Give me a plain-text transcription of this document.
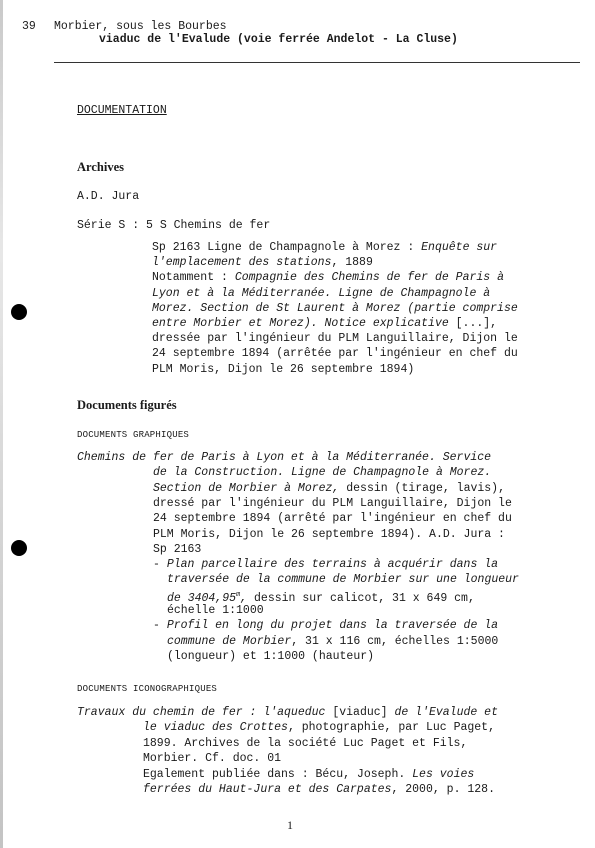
39 Morbier, sous les Bourbes
viaduc de l'Evalude (voie ferrée Andelot - La Cluse)
DOCUMENTATION
Archives
A.D. Jura
Série S : 5 S Chemins de fer
Sp 2163 Ligne de Champagnole à Morez : Enquête sur
l'emplacement des stations, 1889
Notamment : Compagnie des Chemins de fer de Paris à
Lyon et à la Méditerranée. Ligne de Champagnole à
Morez. Section de St Laurent à Morez (partie comprise
entre Morbier et Morez). Notice explicative [...],
dressée par l'ingénieur du PLM Languillaire, Dijon le
24 septembre 1894 (arrêtée par l'ingénieur en chef du
PLM Moris, Dijon le 26 septembre 1894)
Documents figurés
DOCUMENTS GRAPHIQUES
Chemins de fer de Paris à Lyon et à la Méditerranée. Service
de la Construction. Ligne de Champagnole à Morez.
Section de Morbier à Morez, dessin (tirage, lavis),
dressé par l'ingénieur du PLM Languillaire, Dijon le
24 septembre 1894 (arrêté par l'ingénieur en chef du
PLM Moris, Dijon le 26 septembre 1894). A.D. Jura :
Sp 2163
- Plan parcellaire des terrains à acquérir dans la
traversée de la commune de Morbier sur une longueur
de 3404,95$^m$, dessin sur calicot, 31 x 649 cm,
échelle 1:1000
- Profil en long du projet dans la traversée de la
commune de Morbier, 31 x 116 cm, échelles 1:5000
(longueur) et 1:1000 (hauteur)
DOCUMENTS ICONOGRAPHIQUES
Travaux du chemin de fer : l'aqueduc [viaduc] de l'Evalude et
le viaduc des Crottes, photographie, par Luc Paget,
1899. Archives de la société Luc Paget et Fils,
Morbier. Cf. doc. 01
Egalement publiée dans : Bécu, Joseph. Les voies
ferrées du Haut-Jura et des Carpates, 2000, p. 128.
1
